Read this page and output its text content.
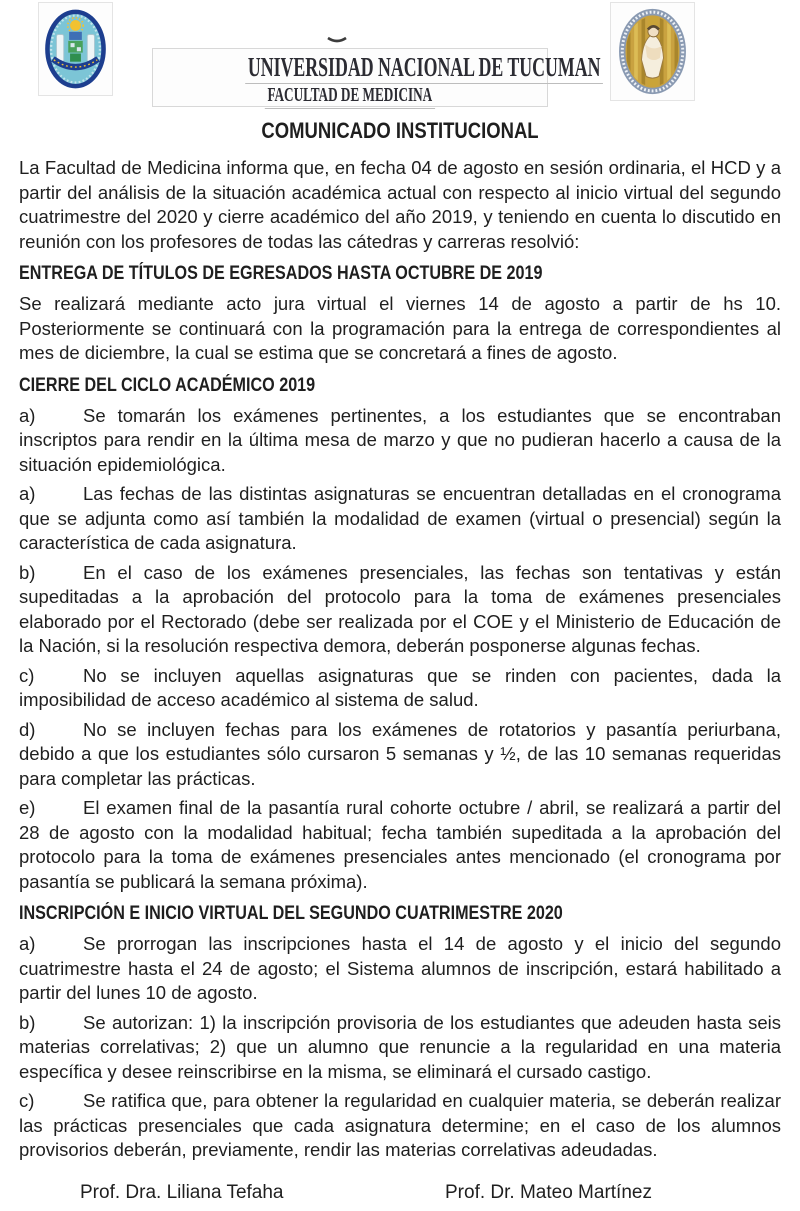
UNIVERSIDAD NACIONAL DE TUCUMAN
FACULTAD DE MEDICINA
COMUNICADO INSTITUCIONAL

La Facultad de Medicina informa que, en fecha 04 de agosto en sesión ordinaria, el HCD y a partir del análisis de la situación académica actual con respecto al inicio virtual del segundo cuatrimestre del 2020 y cierre académico del año 2019, y teniendo en cuenta lo discutido en reunión con los profesores de todas las cátedras y carreras resolvió:

ENTREGA DE TÍTULOS DE EGRESADOS HASTA OCTUBRE DE 2019

Se realizará mediante acto jura virtual el viernes 14 de agosto a partir de hs 10. Posteriormente se continuará con la programación para la entrega de correspondientes al mes de diciembre, la cual se estima que se concretará a fines de agosto.

CIERRE DEL CICLO ACADÉMICO 2019

a)	Se tomarán los exámenes pertinentes, a los estudiantes que se encontraban inscriptos para rendir en la última mesa de marzo y que no pudieran hacerlo a causa de la situación epidemiológica.

a)	Las fechas de las distintas asignaturas se encuentran detalladas en el cronograma que se adjunta como así también la modalidad de examen (virtual o presencial) según la característica de cada asignatura.

b)	En el caso de los exámenes presenciales, las fechas son tentativas y están supeditadas a la aprobación del protocolo para la toma de exámenes presenciales elaborado por el Rectorado (debe ser realizada por el COE y el Ministerio de Educación de la Nación, si la resolución respectiva demora, deberán posponerse algunas fechas.

c)	No se incluyen aquellas asignaturas que se rinden con pacientes, dada la imposibilidad de acceso académico al sistema de salud.

d)	No se incluyen fechas para los exámenes de rotatorios y pasantía periurbana, debido a que los estudiantes sólo cursaron 5 semanas y ½, de las 10 semanas requeridas para completar las prácticas.

e)	El examen final de la pasantía rural cohorte octubre / abril, se realizará a partir del 28 de agosto con la modalidad habitual; fecha también supeditada a la aprobación del protocolo para la toma de exámenes presenciales antes mencionado (el cronograma por pasantía se publicará la semana próxima).

INSCRIPCIÓN E INICIO VIRTUAL DEL SEGUNDO CUATRIMESTRE 2020

a)	Se prorrogan las inscripciones hasta el 14 de agosto y el inicio del segundo cuatrimestre hasta el 24 de agosto; el Sistema alumnos de inscripción, estará habilitado a partir del lunes 10 de agosto.

b)	Se autorizan: 1) la inscripción provisoria de los estudiantes que adeuden hasta seis materias correlativas; 2) que un alumno que renuncie a la regularidad en una materia específica y desee reinscribirse en la misma, se eliminará el cursado castigo.

c)	Se ratifica que, para obtener la regularidad en cualquier materia, se deberán realizar las prácticas presenciales que cada asignatura determine; en el caso de los alumnos provisorios deberán, previamente, rendir las materias correlativas adeudadas.

Prof. Dra. Liliana Tefaha	Prof. Dr. Mateo Martínez
